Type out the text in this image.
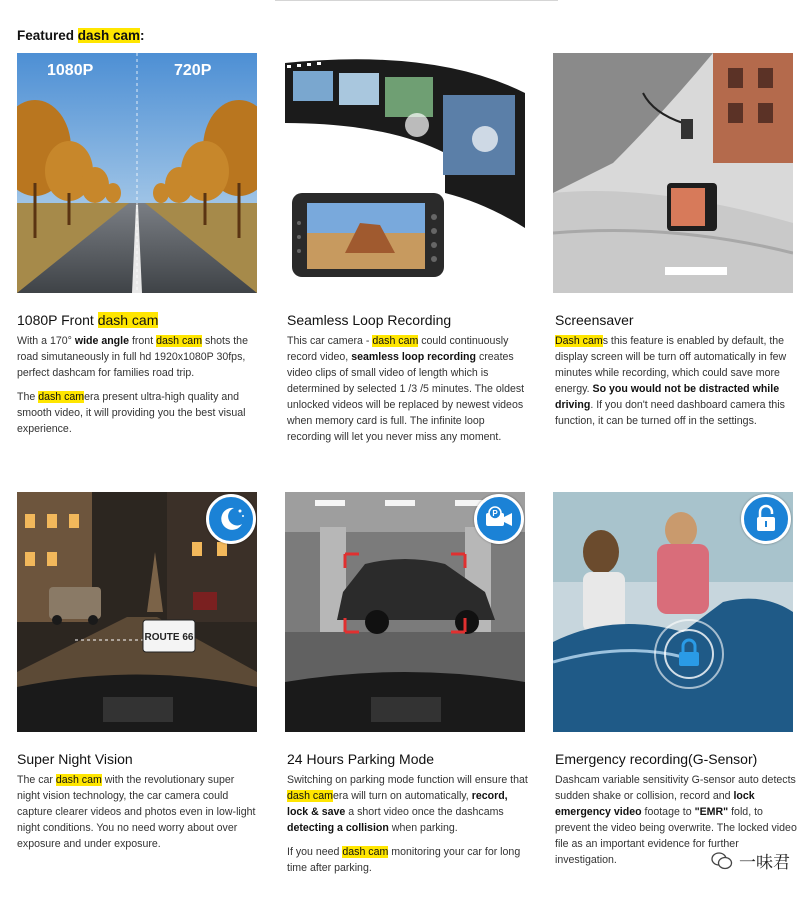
Featured dash cam:
1080P	720P
1080P Front dash cam

With a 170° wide angle front dash cam shots the road simutaneously in full hd 1920x1080P 30fps, perfect dashcam for families road trip.

The dash camera present ultra-high quality and smooth video, it will providing you the best visual experience.

Seamless Loop Recording

This car camera - dash cam could continuously record video, seamless loop recording creates video clips of small video of length which is determined by selected 1 /3 /5 minutes. The oldest unlocked videos will be replaced by newest videos when memory card is full. The infinite loop recording will let you never miss any moment.

Screensaver

Dash cams this feature is enabled by default, the display screen will be turn off automatically in few minutes while recording, which could save more energy. So you would not be distracted while driving. If you don't need dashboard camera this function, it can be turned off in the settings.

ROUTE 66
Super Night Vision

The car dash cam with the revolutionary super night vision technology, the car camera could capture clearer videos and photos even in low-light night conditions. You no need worry about over exposure and under exposure.

P
24 Hours Parking Mode

Switching on parking mode function will ensure that dash camera will turn on automatically, record, lock & save a short video once the dashcams detecting a collision when parking.

If you need dash cam monitoring your car for long time after parking.

Emergency recording(G-Sensor)

Dashcam variable sensitivity G-sensor auto detects sudden shake or collision, record and lock emergency video footage to "EMR" fold, to prevent the video being overwrite. The locked video file as an important evidence for further investigation.	一味君
